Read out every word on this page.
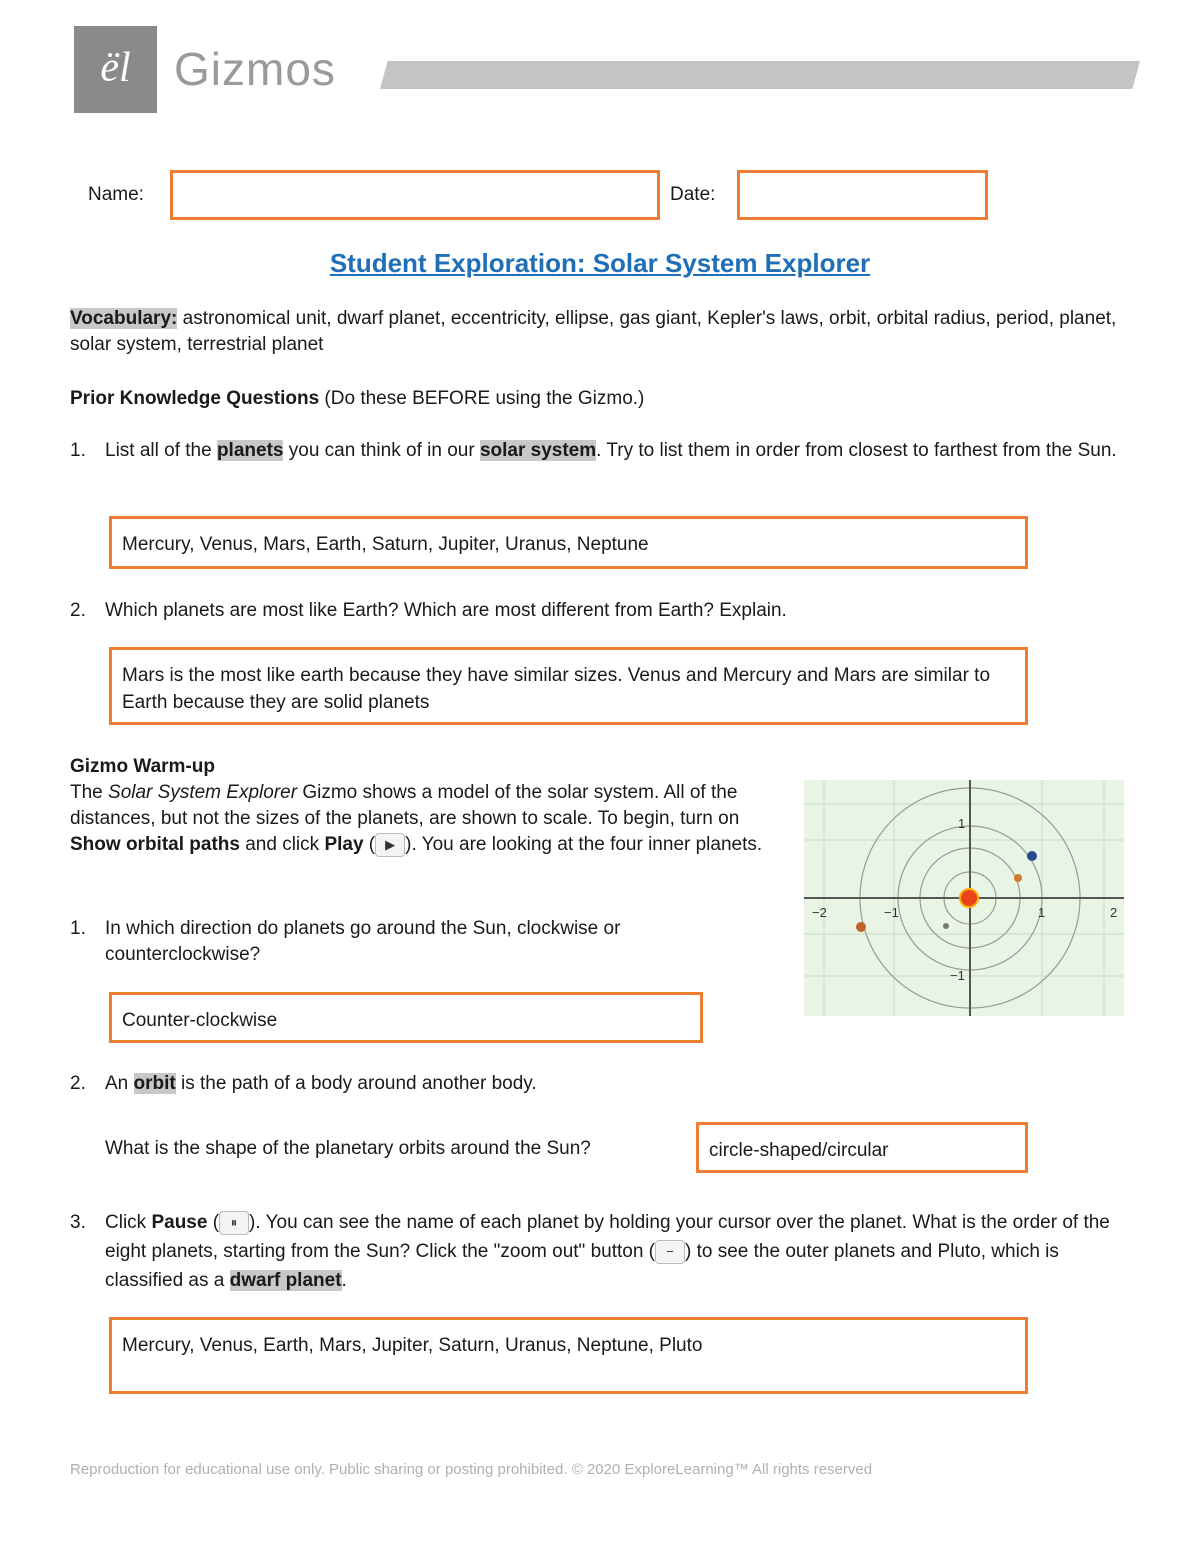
ël Gizmos
Name:	Date:
Student Exploration: Solar System Explorer
Vocabulary: astronomical unit, dwarf planet, eccentricity, ellipse, gas giant, Kepler's laws, orbit, orbital radius, period, planet, solar system, terrestrial planet
Prior Knowledge Questions (Do these BEFORE using the Gizmo.)
1.	List all of the planets you can think of in our solar system. Try to list them in order from closest to farthest from the Sun.
Mercury, Venus, Mars, Earth, Saturn, Jupiter, Uranus, Neptune
2.	Which planets are most like Earth? Which are most different from Earth? Explain.
Mars is the most like earth because they have similar sizes. Venus and Mercury and Mars are similar to Earth because they are solid planets
Gizmo Warm-up
The Solar System Explorer Gizmo shows a model of the solar system. All of the distances, but not the sizes of the planets, are shown to scale. To begin, turn on Show orbital paths and click Play ( ▶ ). You are looking at the four inner planets.
−2	−1	1	2
1
−1
1.	In which direction do planets go around the Sun, clockwise or counterclockwise?
Counter-clockwise
2.	An orbit is the path of a body around another body.
What is the shape of the planetary orbits around the Sun?	circle-shaped/circular
3.	Click Pause ( ⏸ ). You can see the name of each planet by holding your cursor over the planet. What is the order of the eight planets, starting from the Sun? Click the "zoom out" button ( − ) to see the outer planets and Pluto, which is classified as a dwarf planet.
Mercury, Venus, Earth, Mars, Jupiter, Saturn, Uranus, Neptune, Pluto
Reproduction for educational use only. Public sharing or posting prohibited. © 2020 ExploreLearning™ All rights reserved
